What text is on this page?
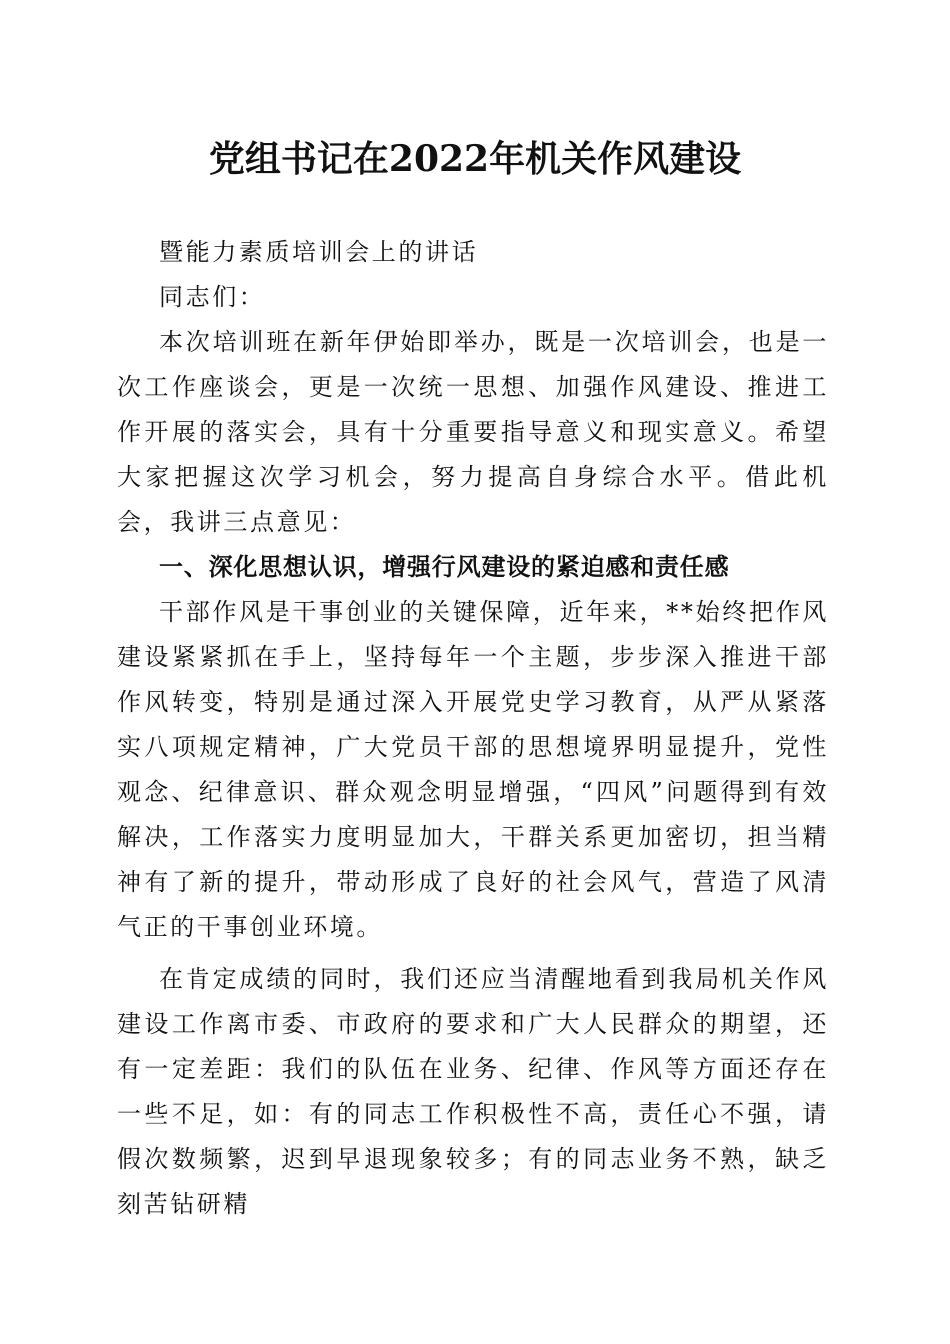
党组书记在2022年机关作风建设

暨能力素质培训会上的讲话

同志们：

本次培训班在新年伊始即举办，既是一次培训会，也是一次工作座谈会，更是一次统一思想、加强作风建设、推进工作开展的落实会，具有十分重要指导意义和现实意义。希望大家把握这次学习机会，努力提高自身综合水平。借此机会，我讲三点意见：

一、深化思想认识，增强行风建设的紧迫感和责任感

干部作风是干事创业的关键保障，近年来，**始终把作风建设紧紧抓在手上，坚持每年一个主题，步步深入推进干部作风转变，特别是通过深入开展党史学习教育，从严从紧落实八项规定精神，广大党员干部的思想境界明显提升，党性观念、纪律意识、群众观念明显增强，“四风”问题得到有效解决，工作落实力度明显加大，干群关系更加密切，担当精神有了新的提升，带动形成了良好的社会风气，营造了风清气正的干事创业环境。

在肯定成绩的同时，我们还应当清醒地看到我局机关作风建设工作离市委、市政府的要求和广大人民群众的期望，还有一定差距：我们的队伍在业务、纪律、作风等方面还存在一些不足，如：有的同志工作积极性不高，责任心不强，请假次数频繁，迟到早退现象较多；有的同志业务不熟，缺乏刻苦钻研精
